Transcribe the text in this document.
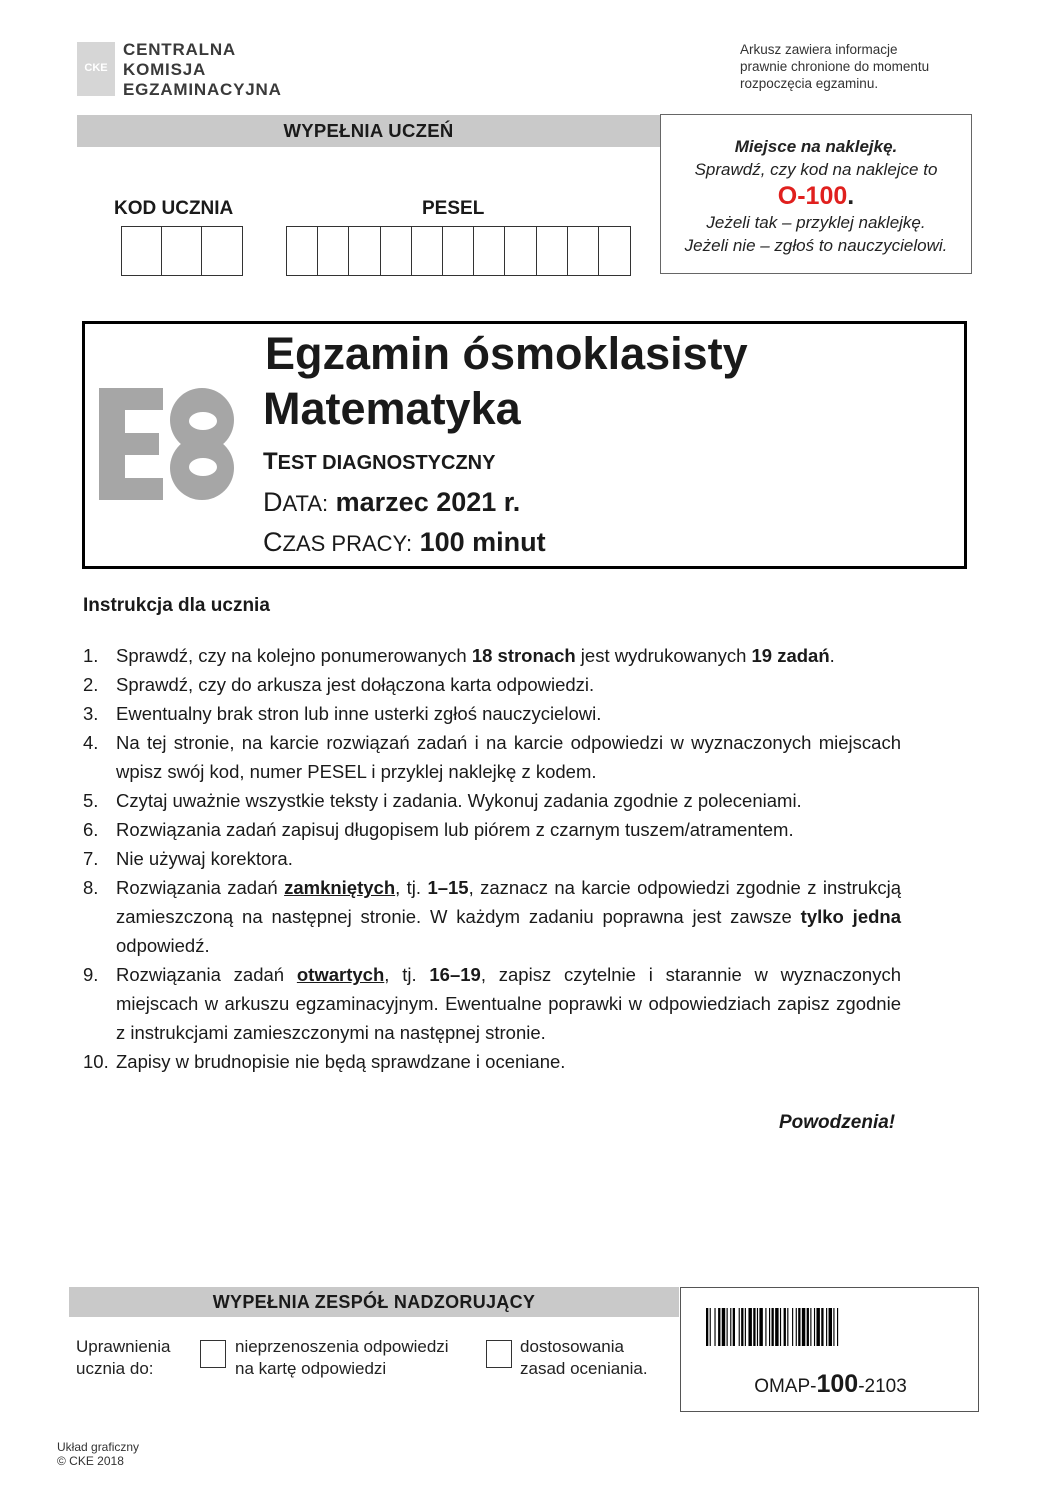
CKE
CENTRALNA
KOMISJA
EGZAMINACYJNA
Arkusz zawiera informacje
prawnie chronione do momentu
rozpoczęcia egzaminu.
WYPEŁNIA UCZEŃ
KOD UCZNIA	PESEL
Miejsce na naklejkę.
Sprawdź, czy kod na naklejce to
O-100.
Jeżeli tak – przyklej naklejkę.
Jeżeli nie – zgłoś to nauczycielowi.
Egzamin ósmoklasisty
Matematyka
TEST DIAGNOSTYCZNY
DATA: marzec 2021 r.
CZAS PRACY: 100 minut
Instrukcja dla ucznia
1. Sprawdź, czy na kolejno ponumerowanych 18 stronach jest wydrukowanych 19 zadań.
2. Sprawdź, czy do arkusza jest dołączona karta odpowiedzi.
3. Ewentualny brak stron lub inne usterki zgłoś nauczycielowi.
4. Na tej stronie, na karcie rozwiązań zadań i na karcie odpowiedzi w wyznaczonych miejscach wpisz swój kod, numer PESEL i przyklej naklejkę z kodem.
5. Czytaj uważnie wszystkie teksty i zadania. Wykonuj zadania zgodnie z poleceniami.
6. Rozwiązania zadań zapisuj długopisem lub piórem z czarnym tuszem/atramentem.
7. Nie używaj korektora.
8. Rozwiązania zadań zamkniętych, tj. 1–15, zaznacz na karcie odpowiedzi zgodnie z instrukcją zamieszczoną na następnej stronie. W każdym zadaniu poprawna jest zawsze tylko jedna odpowiedź.
9. Rozwiązania zadań otwartych, tj. 16–19, zapisz czytelnie i starannie w wyznaczonych miejscach w arkuszu egzaminacyjnym. Ewentualne poprawki w odpowiedziach zapisz zgodnie z instrukcjami zamieszczonymi na następnej stronie.
10. Zapisy w brudnopisie nie będą sprawdzane i oceniane.
Powodzenia!
WYPEŁNIA ZESPÓŁ NADZORUJĄCY
Uprawnienia
ucznia do:
nieprzenoszenia odpowiedzi
na kartę odpowiedzi
dostosowania
zasad oceniania.
OMAP-100-2103
Układ graficzny
© CKE 2018
